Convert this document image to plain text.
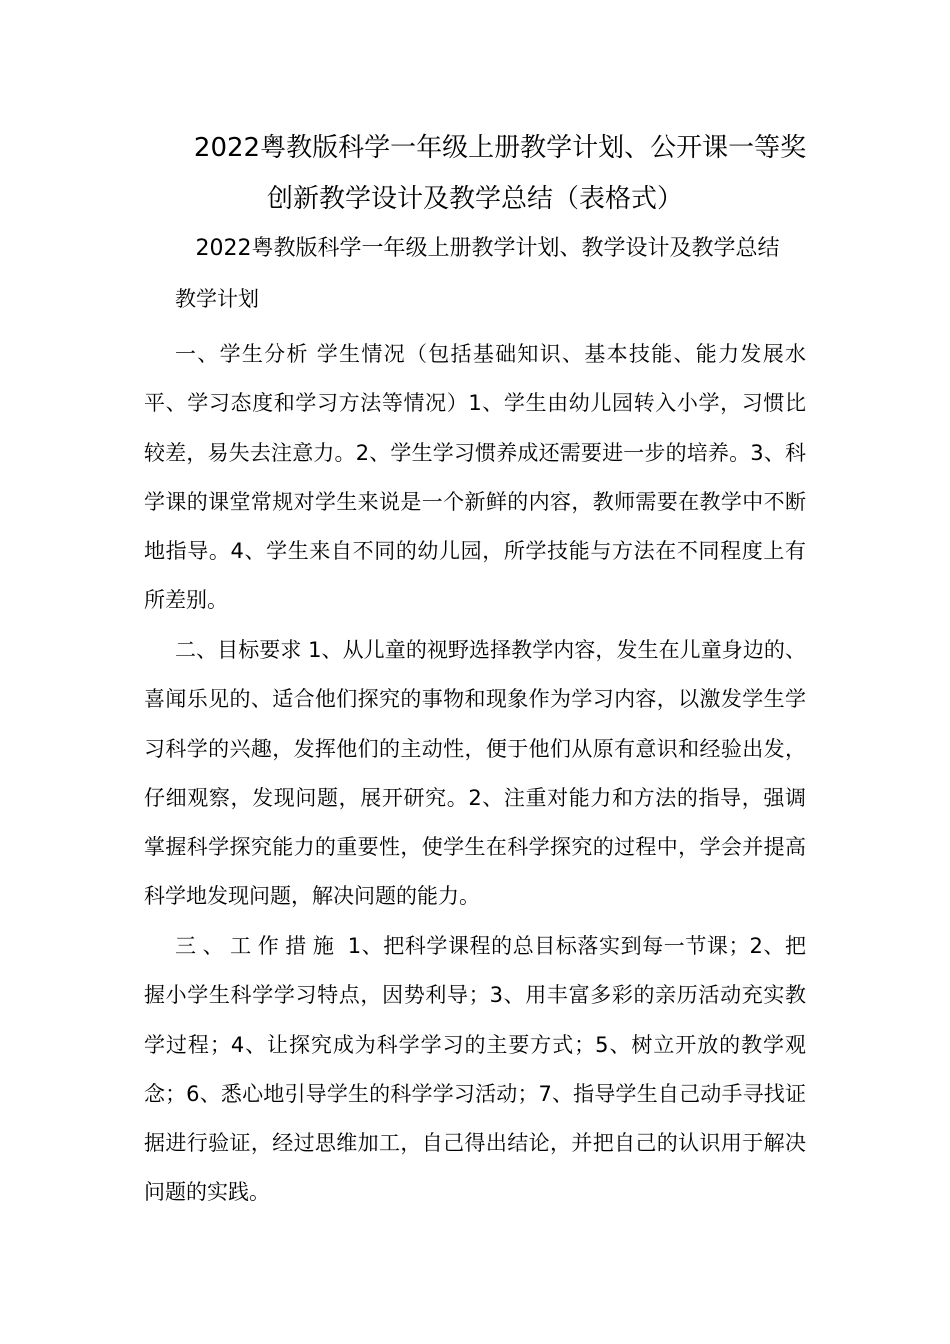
2022粤教版科学一年级上册教学计划、公开课一等奖
创新教学设计及教学总结（表格式）
2022粤教版科学一年级上册教学计划、教学设计及教学总结
教学计划
一、学生分析 学生情况（包括基础知识、基本技能、能力发展水平、学习态度和学习方法等情况）1、学生由幼儿园转入小学，习惯比较差，易失去注意力。2、学生学习惯养成还需要进一步的培养。3、科学课的课堂常规对学生来说是一个新鲜的内容，教师需要在教学中不断地指导。4、学生来自不同的幼儿园，所学技能与方法在不同程度上有所差别。
二、目标要求 1、从儿童的视野选择教学内容，发生在儿童身边的、喜闻乐见的、适合他们探究的事物和现象作为学习内容，以激发学生学习科学的兴趣，发挥他们的主动性，便于他们从原有意识和经验出发，仔细观察，发现问题，展开研究。2、注重对能力和方法的指导，强调掌握科学探究能力的重要性，使学生在科学探究的过程中，学会并提高科学地发现问题，解决问题的能力。
三、工作措施 1、把科学课程的总目标落实到每一节课；2、把握小学生科学学习特点，因势利导；3、用丰富多彩的亲历活动充实教学过程；4、让探究成为科学学习的主要方式；5、树立开放的教学观念；6、悉心地引导学生的科学学习活动；7、指导学生自己动手寻找证据进行验证，经过思维加工，自己得出结论，并把自己的认识用于解决问题的实践。
